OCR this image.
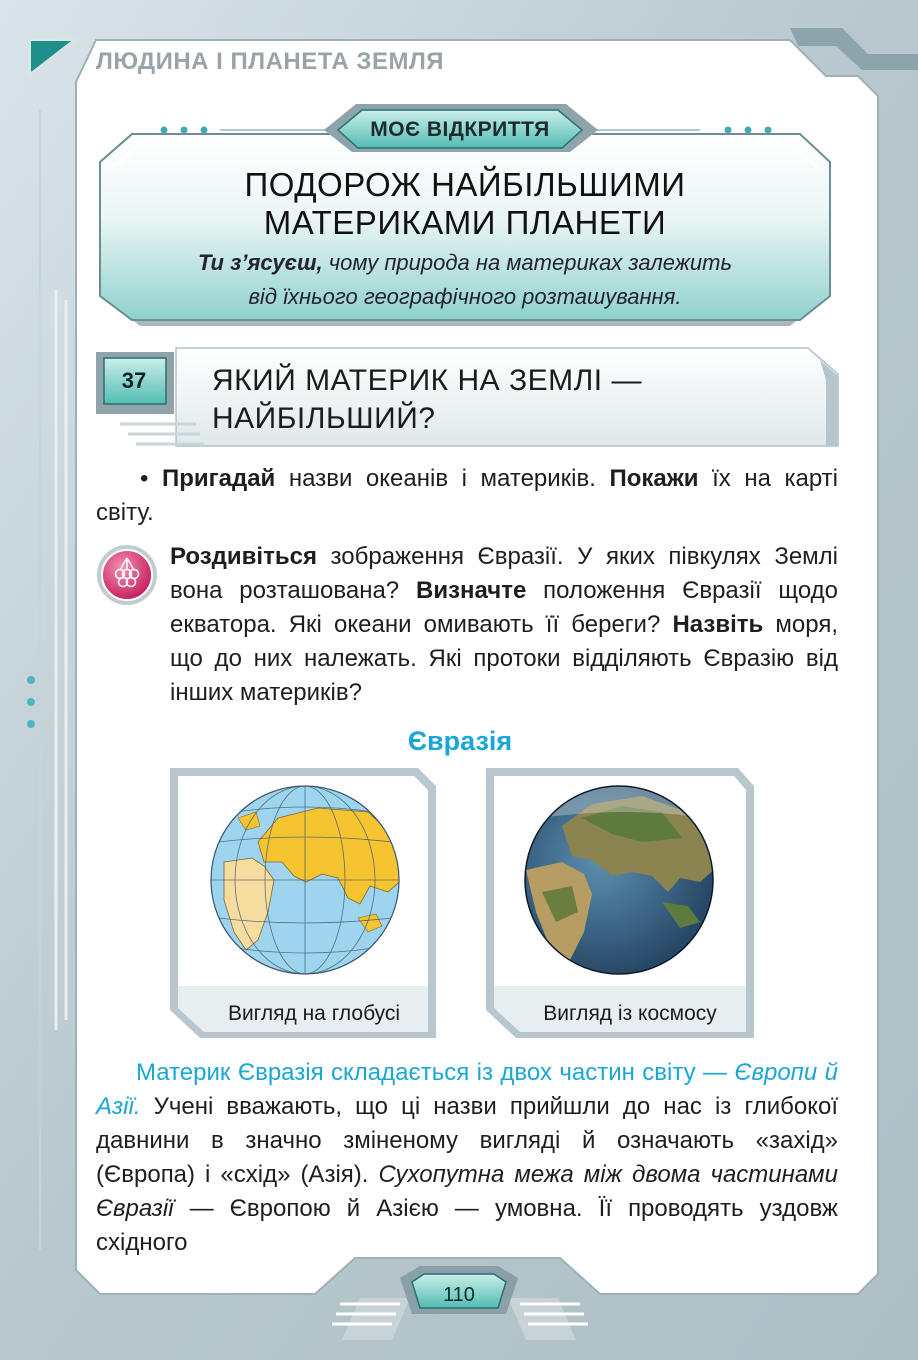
ЛЮДИНА І ПЛАНЕТА ЗЕМЛЯ
МОЄ ВІДКРИТТЯ
ПОДОРОЖ НАЙБІЛЬШИМИ
МАТЕРИКАМИ ПЛАНЕТИ
Ти з’ясуєш, чому природа на материках залежить
від їхнього географічного розташування.
37	ЯКИЙ МАТЕРИК НА ЗЕМЛІ —
НАЙБІЛЬШИЙ?
• Пригадай назви океанів і материків. Покажи їх на карті світу.
Роздивіться зображення Євразії. У яких півкулях Землі вона розташована? Визначте положення Євразії щодо екватора. Які океани омивають її береги? Назвіть моря, що до них належать. Які протоки відділяють Євразію від інших материків?
Євразія
Вигляд на глобусі	Вигляд із космосу
Материк Євразія складається із двох частин світу — Європи й Азії. Учені вважають, що ці назви прийшли до нас із глибокої давнини в значно зміненому вигляді й означають «захід» (Європа) і «схід» (Азія). Сухопутна межа між двома частинами Євразії — Європою й Азією — умовна. Її проводять уздовж східного
110
